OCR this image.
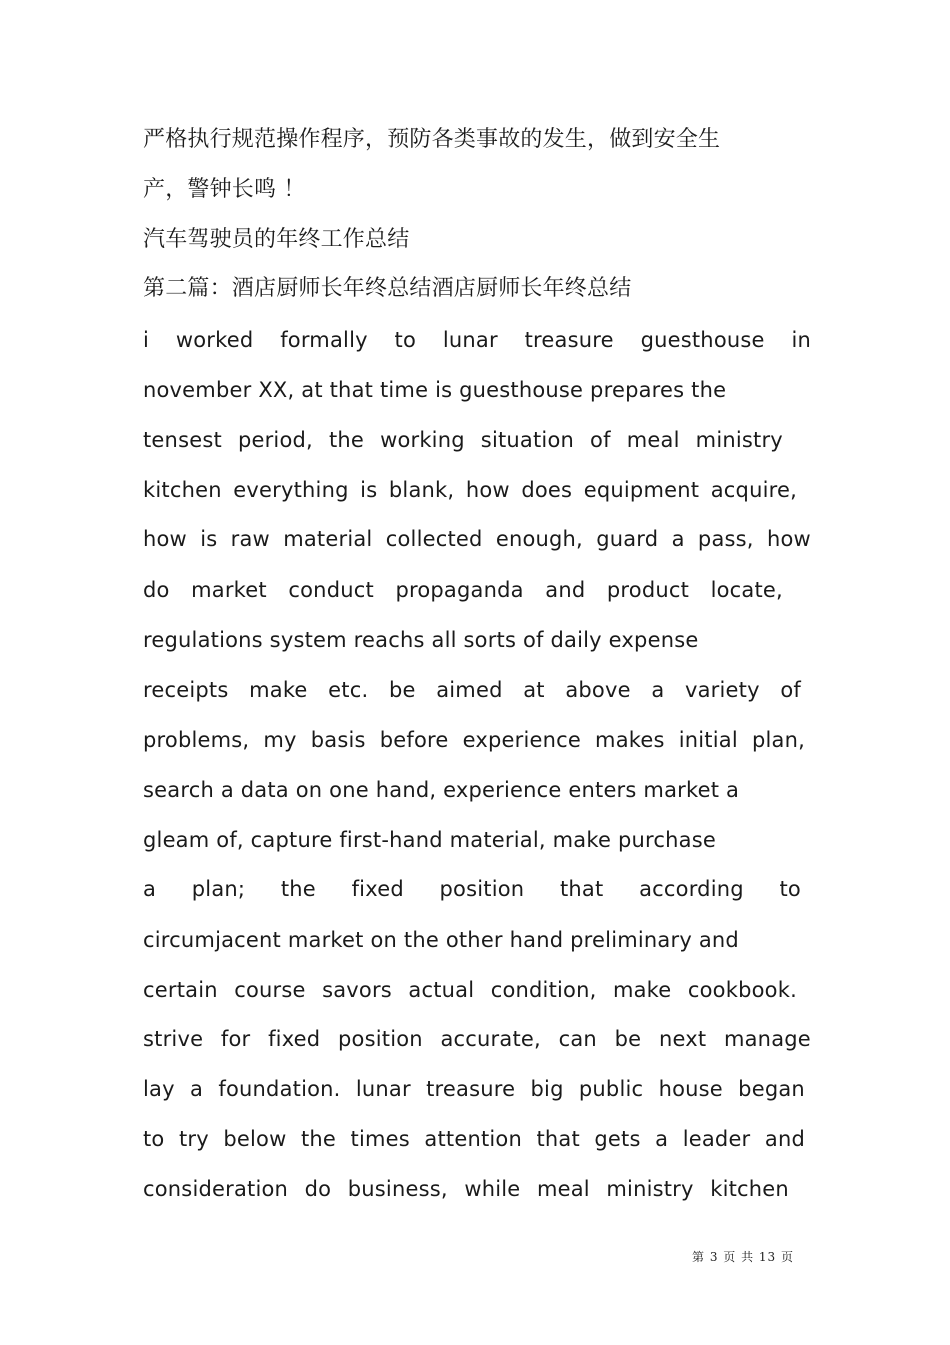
严格执行规范操作程序，预防各类事故的发生，做到安全生
产，警钟长鸣 ！
汽车驾驶员的年终工作总结
第二篇：酒店厨师长年终总结酒店厨师长年终总结
i worked formally to lunar treasure guesthouse in
november XX, at that time is guesthouse prepares the
tensest period, the working situation of meal ministry
kitchen everything is blank, how does equipment acquire,
how is raw material collected enough, guard a pass, how
do market conduct propaganda and product locate,
regulations system reachs all sorts of daily expense
receipts make etc. be aimed at above a variety of
problems, my basis before experience makes initial plan,
search a data on one hand, experience enters market a
gleam of, capture first-hand material, make purchase
a plan; the fixed position that according to
circumjacent market on the other hand preliminary and
certain course savors actual condition, make cookbook.
strive for fixed position accurate, can be next manage
lay a foundation. lunar treasure big public house began
to try below the times attention that gets a leader and
consideration do business, while meal ministry kitchen
第 3 页 共 13 页
